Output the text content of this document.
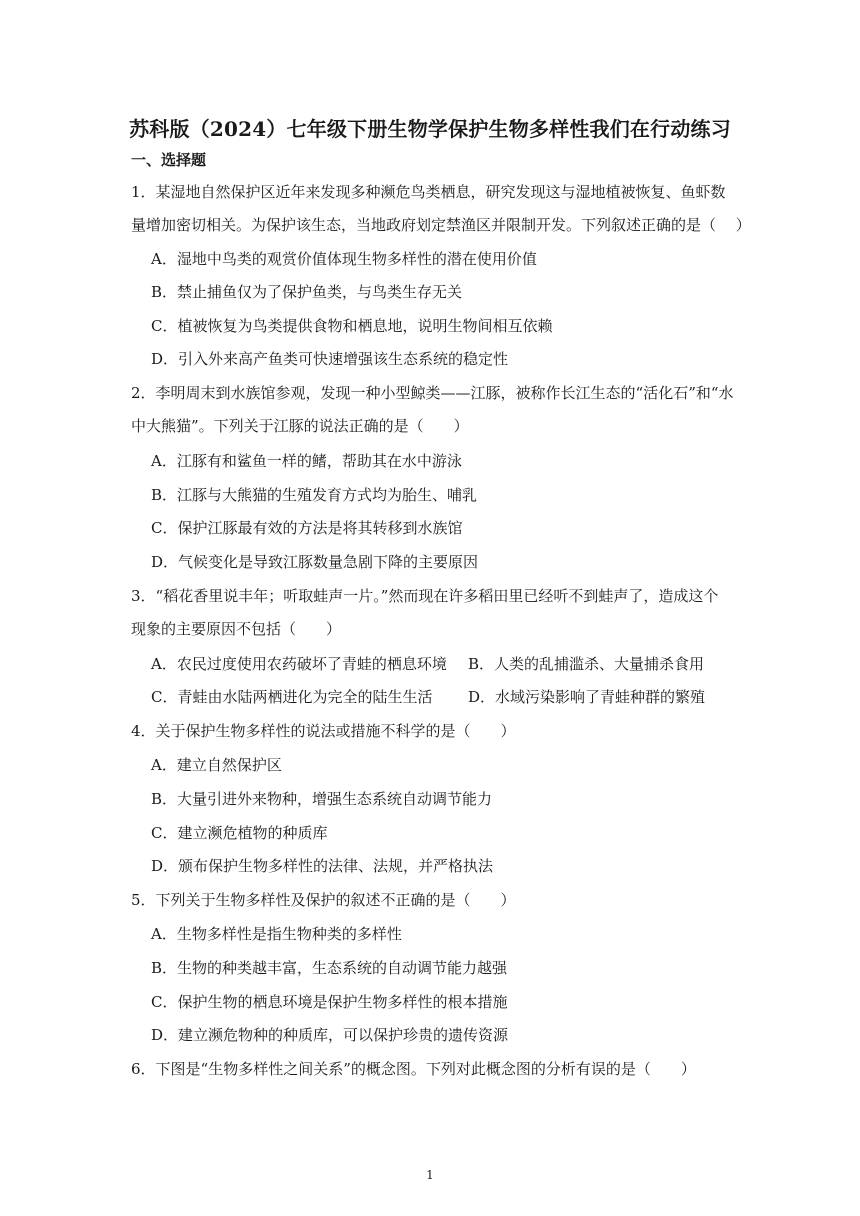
苏科版（2024）七年级下册生物学保护生物多样性我们在行动练习
一、选择题
1．某湿地自然保护区近年来发现多种濒危鸟类栖息，研究发现这与湿地植被恢复、鱼虾数
量增加密切相关。为保护该生态，当地政府划定禁渔区并限制开发。下列叙述正确的是（　 ）
A．湿地中鸟类的观赏价值体现生物多样性的潜在使用价值
B．禁止捕鱼仅为了保护鱼类，与鸟类生存无关
C．植被恢复为鸟类提供食物和栖息地，说明生物间相互依赖
D．引入外来高产鱼类可快速增强该生态系统的稳定性
2．李明周末到水族馆参观，发现一种小型鲸类——江豚，被称作长江生态的“活化石”和“水
中大熊猫”。下列关于江豚的说法正确的是（　　）
A．江豚有和鲨鱼一样的鳍，帮助其在水中游泳
B．江豚与大熊猫的生殖发育方式均为胎生、哺乳
C．保护江豚最有效的方法是将其转移到水族馆
D．气候变化是导致江豚数量急剧下降的主要原因
3．“稻花香里说丰年；听取蛙声一片。”然而现在许多稻田里已经听不到蛙声了，造成这个
现象的主要原因不包括（　　）
A．农民过度使用农药破坏了青蛙的栖息环境 B．人类的乱捕滥杀、大量捕杀食用
C．青蛙由水陆两栖进化为完全的陆生生活 D．水域污染影响了青蛙种群的繁殖
4．关于保护生物多样性的说法或措施不科学的是（　　）
A．建立自然保护区
B．大量引进外来物种，增强生态系统自动调节能力
C．建立濒危植物的种质库
D．颁布保护生物多样性的法律、法规，并严格执法
5．下列关于生物多样性及保护的叙述不正确的是（　　）
A．生物多样性是指生物种类的多样性
B．生物的种类越丰富，生态系统的自动调节能力越强
C．保护生物的栖息环境是保护生物多样性的根本措施
D．建立濒危物种的种质库，可以保护珍贵的遗传资源
6．下图是“生物多样性之间关系”的概念图。下列对此概念图的分析有误的是（　　）
1
